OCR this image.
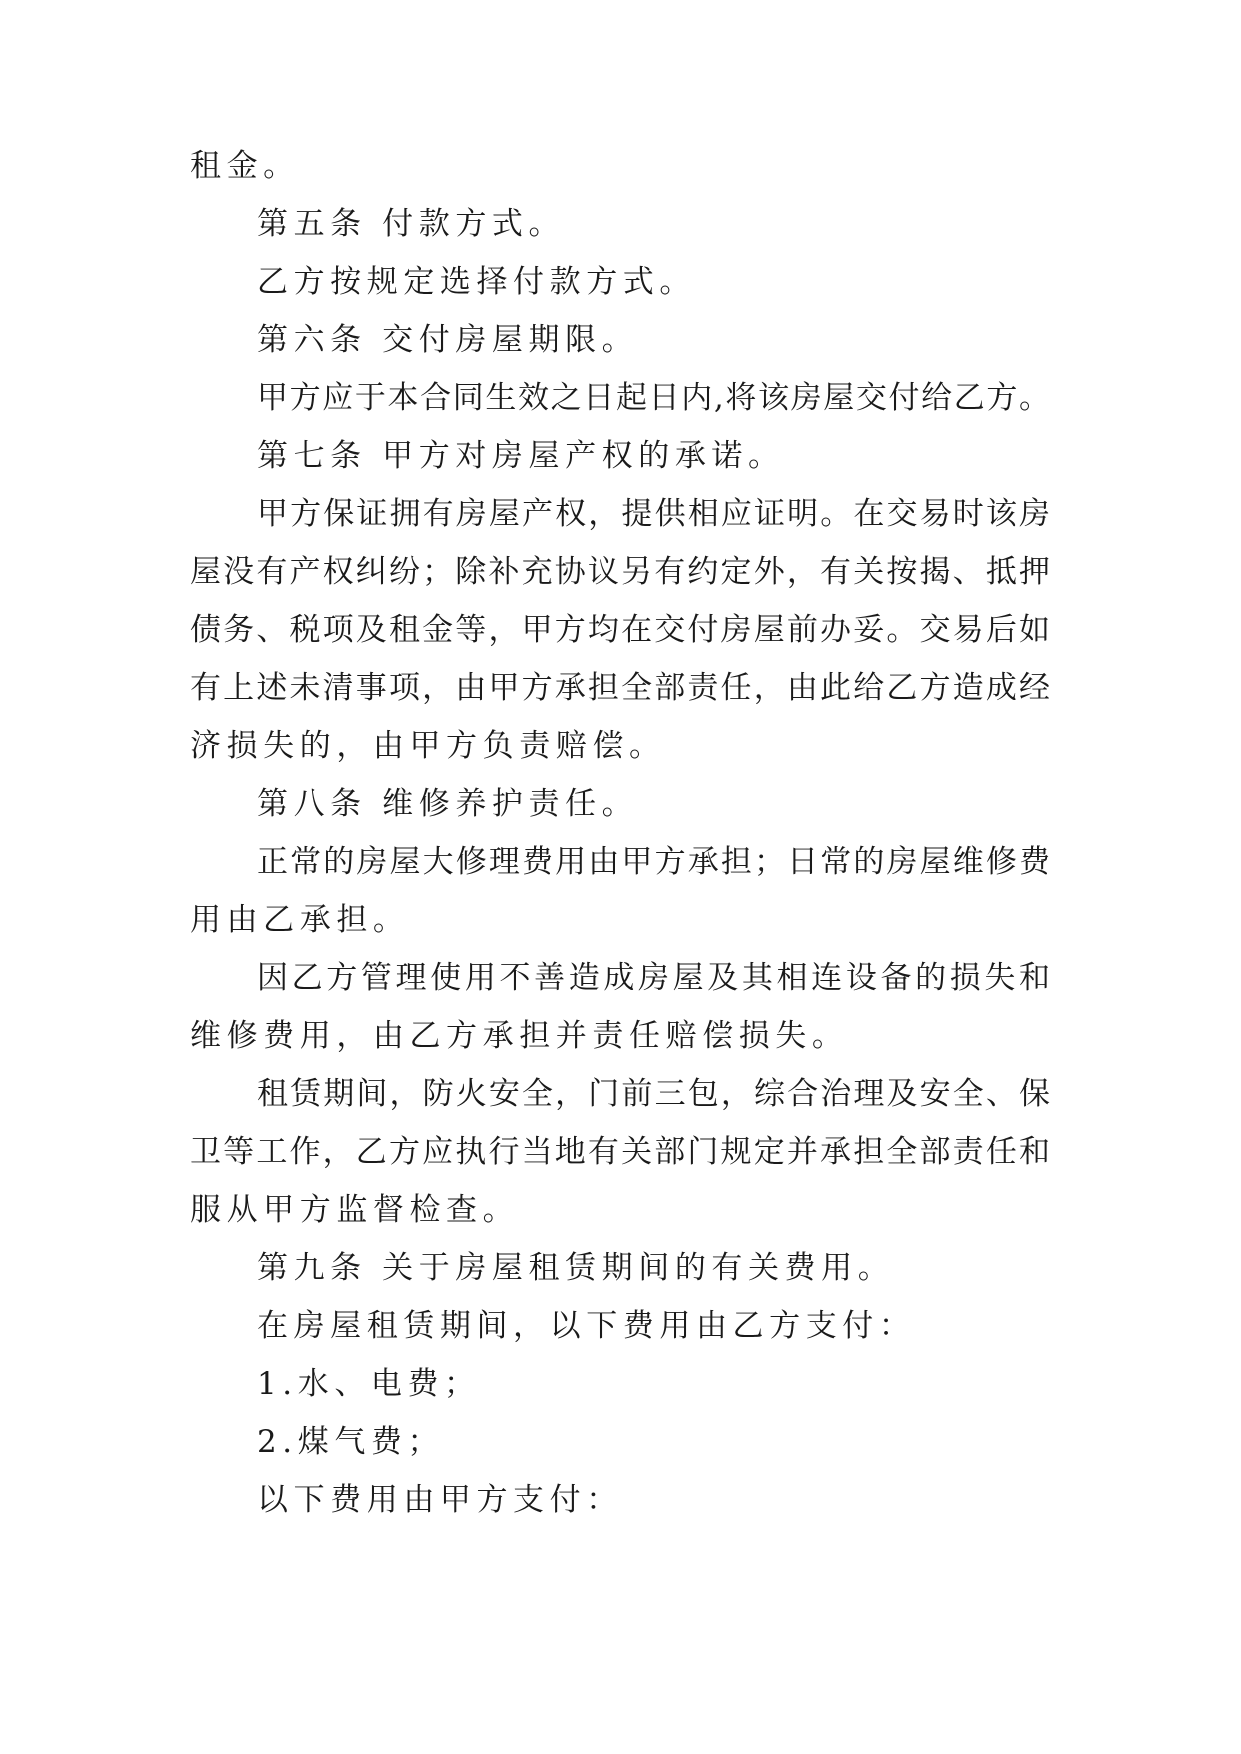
租金。
第五条 付款方式。
乙方按规定选择付款方式。
第六条 交付房屋期限。
甲方应于本合同生效之日起日内,将该房屋交付给乙方。
第七条 甲方对房屋产权的承诺。
甲方保证拥有房屋产权，提供相应证明。在交易时该房
屋没有产权纠纷；除补充协议另有约定外，有关按揭、抵押
债务、税项及租金等，甲方均在交付房屋前办妥。交易后如
有上述未清事项，由甲方承担全部责任，由此给乙方造成经
济损失的，由甲方负责赔偿。
第八条 维修养护责任。
正常的房屋大修理费用由甲方承担；日常的房屋维修费
用由乙承担。
因乙方管理使用不善造成房屋及其相连设备的损失和
维修费用，由乙方承担并责任赔偿损失。
租赁期间，防火安全，门前三包，综合治理及安全、保
卫等工作，乙方应执行当地有关部门规定并承担全部责任和
服从甲方监督检查。
第九条 关于房屋租赁期间的有关费用。
在房屋租赁期间，以下费用由乙方支付：
1.水、电费；
2.煤气费；
以下费用由甲方支付：
